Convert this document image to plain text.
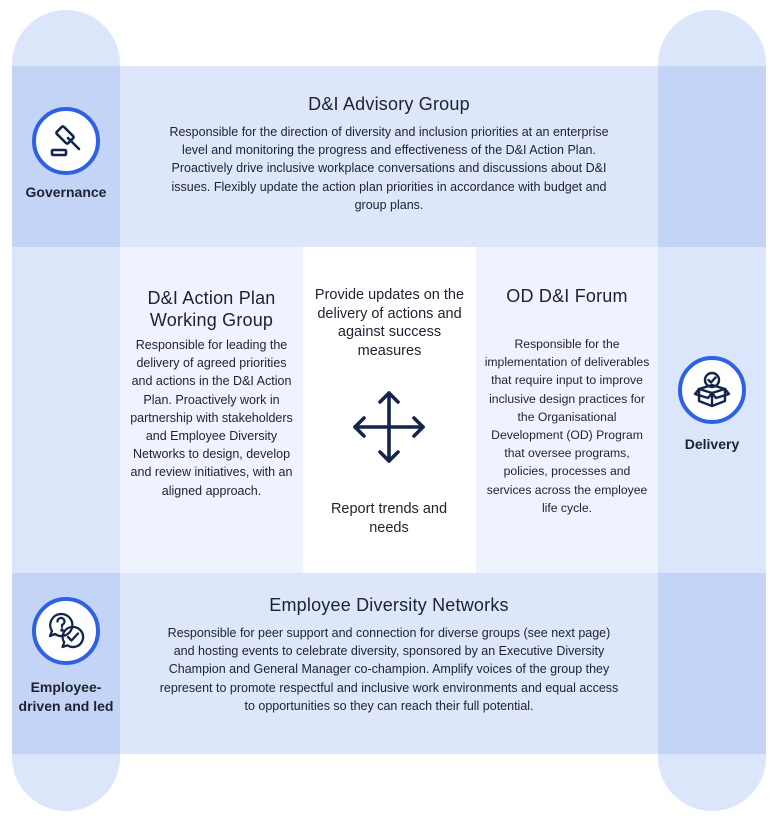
Governance

D&I Advisory Group

Responsible for the direction of diversity and inclusion priorities at an enterprise level and monitoring the progress and effectiveness of the D&I Action Plan. Proactively drive inclusive workplace conversations and discussions about D&I issues. Flexibly update the action plan priorities in accordance with budget and group plans.

D&I Action Plan Working Group

Responsible for leading the delivery of agreed priorities and actions in the D&I Action Plan. Proactively work in partnership with stakeholders and Employee Diversity Networks to design, develop and review initiatives, with an aligned approach.

Provide updates on the delivery of actions and against success measures
Report trends and needs

OD D&I Forum

Responsible for the implementation of deliverables that require input to improve inclusive design practices for the Organisational Development (OD) Program that oversee programs, policies, processes and services across the employee life cycle.

Delivery
Employee-driven and led

Employee Diversity Networks

Responsible for peer support and connection for diverse groups (see next page) and hosting events to celebrate diversity, sponsored by an Executive Diversity Champion and General Manager co-champion. Amplify voices of the group they represent to promote respectful and inclusive work environments and equal access to opportunities so they can reach their full potential.
